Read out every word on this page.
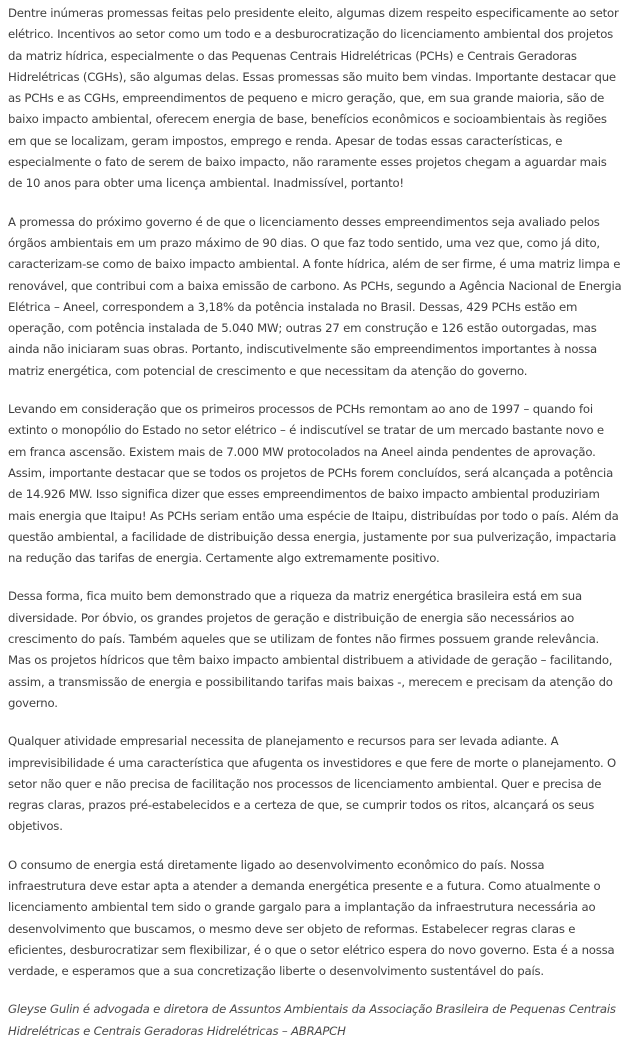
Dentre inúmeras promessas feitas pelo presidente eleito, algumas dizem respeito especificamente ao setor elétrico. Incentivos ao setor como um todo e a desburocratização do licenciamento ambiental dos projetos da matriz hídrica, especialmente o das Pequenas Centrais Hidrelétricas (PCHs) e Centrais Geradoras Hidrelétricas (CGHs), são algumas delas. Essas promessas são muito bem vindas. Importante destacar que as PCHs e as CGHs, empreendimentos de pequeno e micro geração, que, em sua grande maioria, são de baixo impacto ambiental, oferecem energia de base, benefícios econômicos e socioambientais às regiões em que se localizam, geram impostos, emprego e renda. Apesar de todas essas características, e especialmente o fato de serem de baixo impacto, não raramente esses projetos chegam a aguardar mais de 10 anos para obter uma licença ambiental. Inadmissível, portanto!

A promessa do próximo governo é de que o licenciamento desses empreendimentos seja avaliado pelos órgãos ambientais em um prazo máximo de 90 dias. O que faz todo sentido, uma vez que, como já dito, caracterizam-se como de baixo impacto ambiental. A fonte hídrica, além de ser firme, é uma matriz limpa e renovável, que contribui com a baixa emissão de carbono. As PCHs, segundo a Agência Nacional de Energia Elétrica – Aneel, correspondem a 3,18% da potência instalada no Brasil. Dessas, 429 PCHs estão em operação, com potência instalada de 5.040 MW; outras 27 em construção e 126 estão outorgadas, mas ainda não iniciaram suas obras. Portanto, indiscutivelmente são empreendimentos importantes à nossa matriz energética, com potencial de crescimento e que necessitam da atenção do governo.

Levando em consideração que os primeiros processos de PCHs remontam ao ano de 1997 – quando foi extinto o monopólio do Estado no setor elétrico – é indiscutível se tratar de um mercado bastante novo e em franca ascensão. Existem mais de 7.000 MW protocolados na Aneel ainda pendentes de aprovação. Assim, importante destacar que se todos os projetos de PCHs forem concluídos, será alcançada a potência de 14.926 MW. Isso significa dizer que esses empreendimentos de baixo impacto ambiental produziriam mais energia que Itaipu! As PCHs seriam então uma espécie de Itaipu, distribuídas por todo o país. Além da questão ambiental, a facilidade de distribuição dessa energia, justamente por sua pulverização, impactaria na redução das tarifas de energia. Certamente algo extremamente positivo.

Dessa forma, fica muito bem demonstrado que a riqueza da matriz energética brasileira está em sua diversidade. Por óbvio, os grandes projetos de geração e distribuição de energia são necessários ao crescimento do país. Também aqueles que se utilizam de fontes não firmes possuem grande relevância. Mas os projetos hídricos que têm baixo impacto ambiental distribuem a atividade de geração – facilitando, assim, a transmissão de energia e possibilitando tarifas mais baixas -, merecem e precisam da atenção do governo.

Qualquer atividade empresarial necessita de planejamento e recursos para ser levada adiante. A imprevisibilidade é uma característica que afugenta os investidores e que fere de morte o planejamento. O setor não quer e não precisa de facilitação nos processos de licenciamento ambiental. Quer e precisa de regras claras, prazos pré-estabelecidos e a certeza de que, se cumprir todos os ritos, alcançará os seus objetivos.

O consumo de energia está diretamente ligado ao desenvolvimento econômico do país. Nossa infraestrutura deve estar apta a atender a demanda energética presente e a futura. Como atualmente o licenciamento ambiental tem sido o grande gargalo para a implantação da infraestrutura necessária ao desenvolvimento que buscamos, o mesmo deve ser objeto de reformas. Estabelecer regras claras e eficientes, desburocratizar sem flexibilizar, é o que o setor elétrico espera do novo governo. Esta é a nossa verdade, e esperamos que a sua concretização liberte o desenvolvimento sustentável do país.

Gleyse Gulin é advogada e diretora de Assuntos Ambientais da Associação Brasileira de Pequenas Centrais Hidrelétricas e Centrais Geradoras Hidrelétricas – ABRAPCH
